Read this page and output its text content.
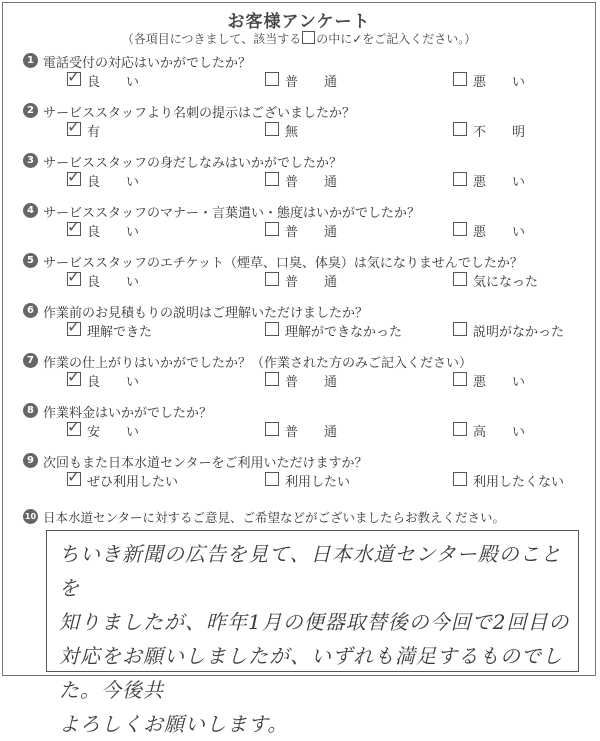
お客様アンケート
（各項目につきまして、該当する の中に✓をご記入ください。）
1 電話受付の対応はいかがでしたか？
✓ 良　　い	普　　通	悪　　い
2 サービススタッフより名刺の提示はございましたか？
✓ 有	無	不　　明
3 サービススタッフの身だしなみはいかがでしたか？
✓ 良　　い	普　　通	悪　　い
4 サービススタッフのマナー・言葉遣い・態度はいかがでしたか？
✓ 良　　い	普　　通	悪　　い
5 サービススタッフのエチケット（煙草、口臭、体臭）は気になりませんでしたか？
✓ 良　　い	普　　通	気になった
6 作業前のお見積もりの説明はご理解いただけましたか？
✓ 理解できた	理解ができなかった	説明がなかった
7 作業の仕上がりはいかがでしたか？（作業された方のみご記入ください）
✓ 良　　い	普　　通	悪　　い
8 作業料金はいかがでしたか？
✓ 安　　い	普　　通	高　　い
9 次回もまた日本水道センターをご利用いただけますか？
✓ ぜひ利用したい	利用したい	利用したくない
10 日本水道センターに対するご意見、ご希望などがございましたらお教えください。
ちいき新聞の広告を見て、日本水道センター殿のことを
知りましたが、昨年1月の便器取替後の今回で2回目の
対応をお願いしましたが、いずれも満足するものでした。今後共
よろしくお願いします。
